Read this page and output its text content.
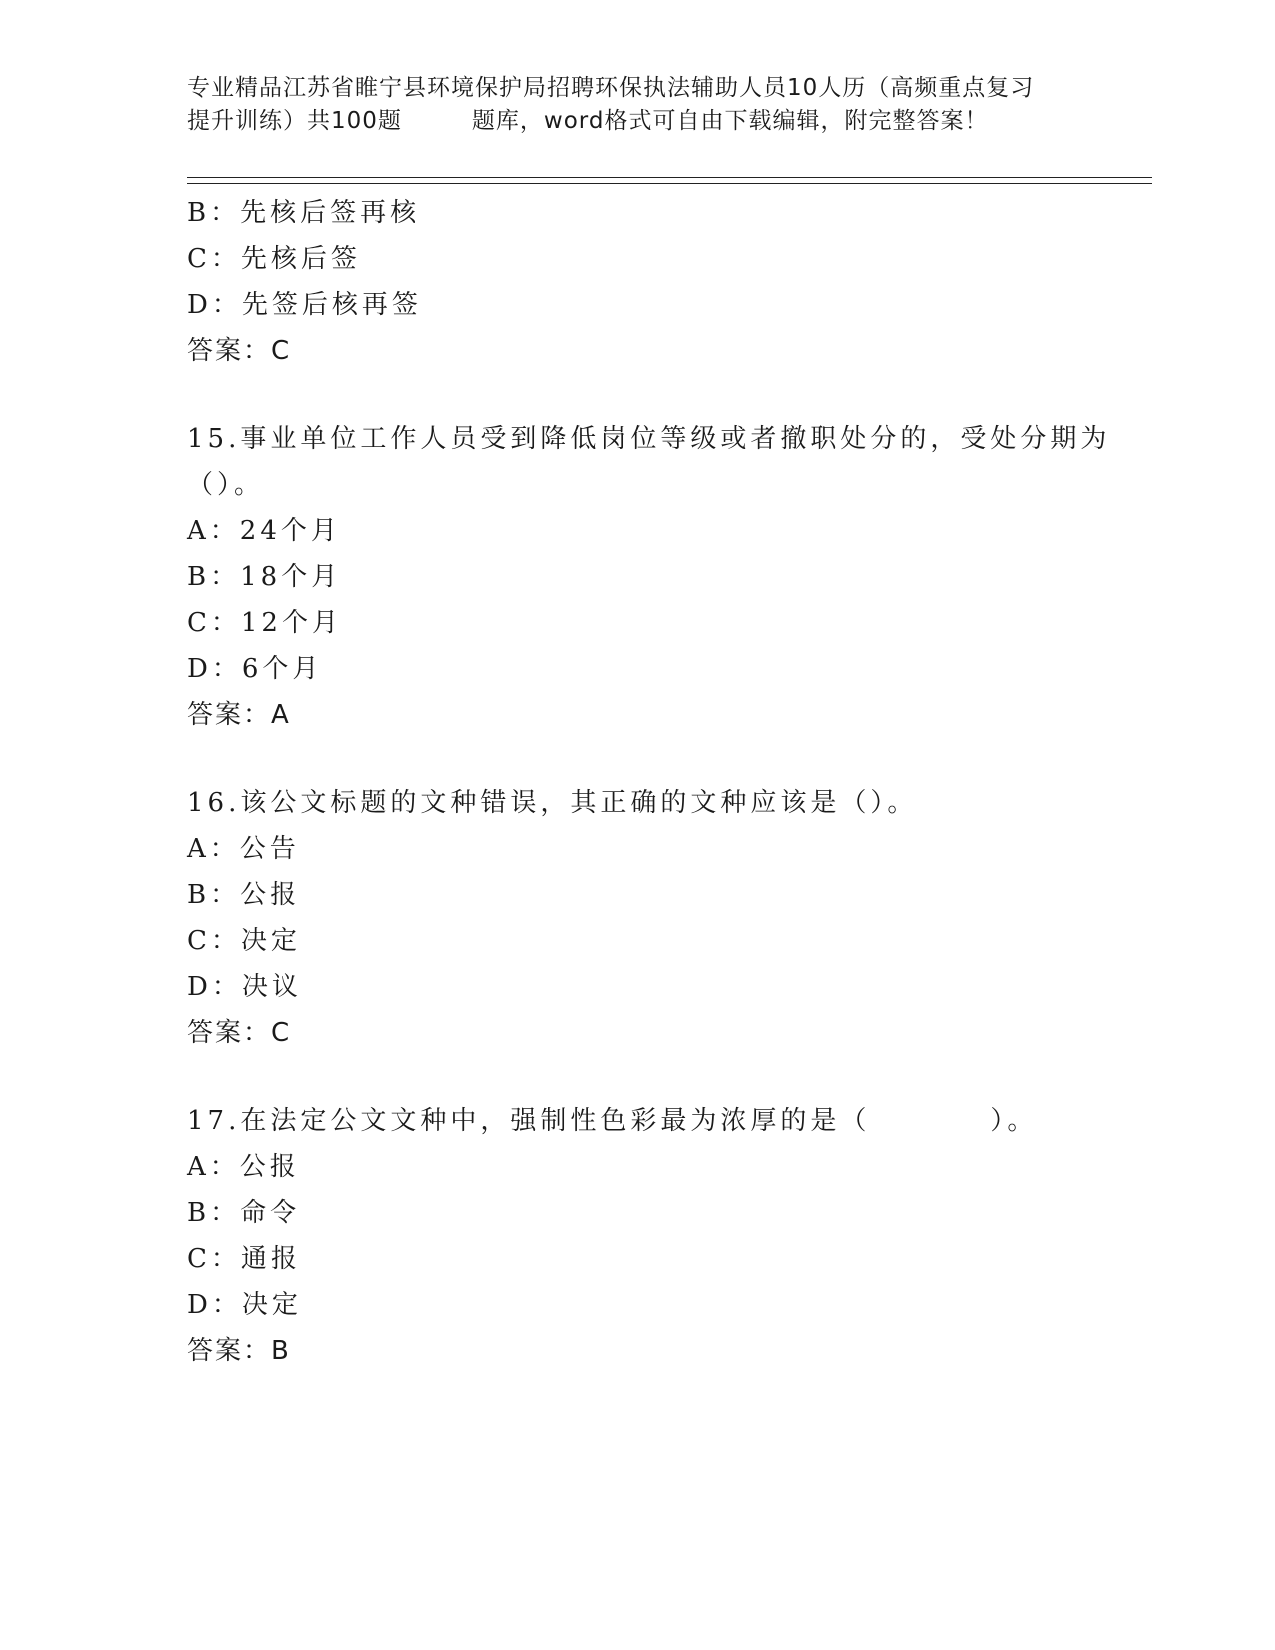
专业精品江苏省睢宁县环境保护局招聘环保执法辅助人员10人历（高频重点复习
提升训练）共100题	题库，word格式可自由下载编辑，附完整答案！
B：先核后签再核
C：先核后签
D：先签后核再签
答案：C
15.事业单位工作人员受到降低岗位等级或者撤职处分的，受处分期为
（）。
A：24个月
B：18个月
C：12个月
D：6个月
答案：A
16.该公文标题的文种错误，其正确的文种应该是（）。
A：公告
B：公报
C：决定
D：决议
答案：C
17.在法定公文文种中，强制性色彩最为浓厚的是（	）。
A：公报
B：命令
C：通报
D：决定
答案：B
